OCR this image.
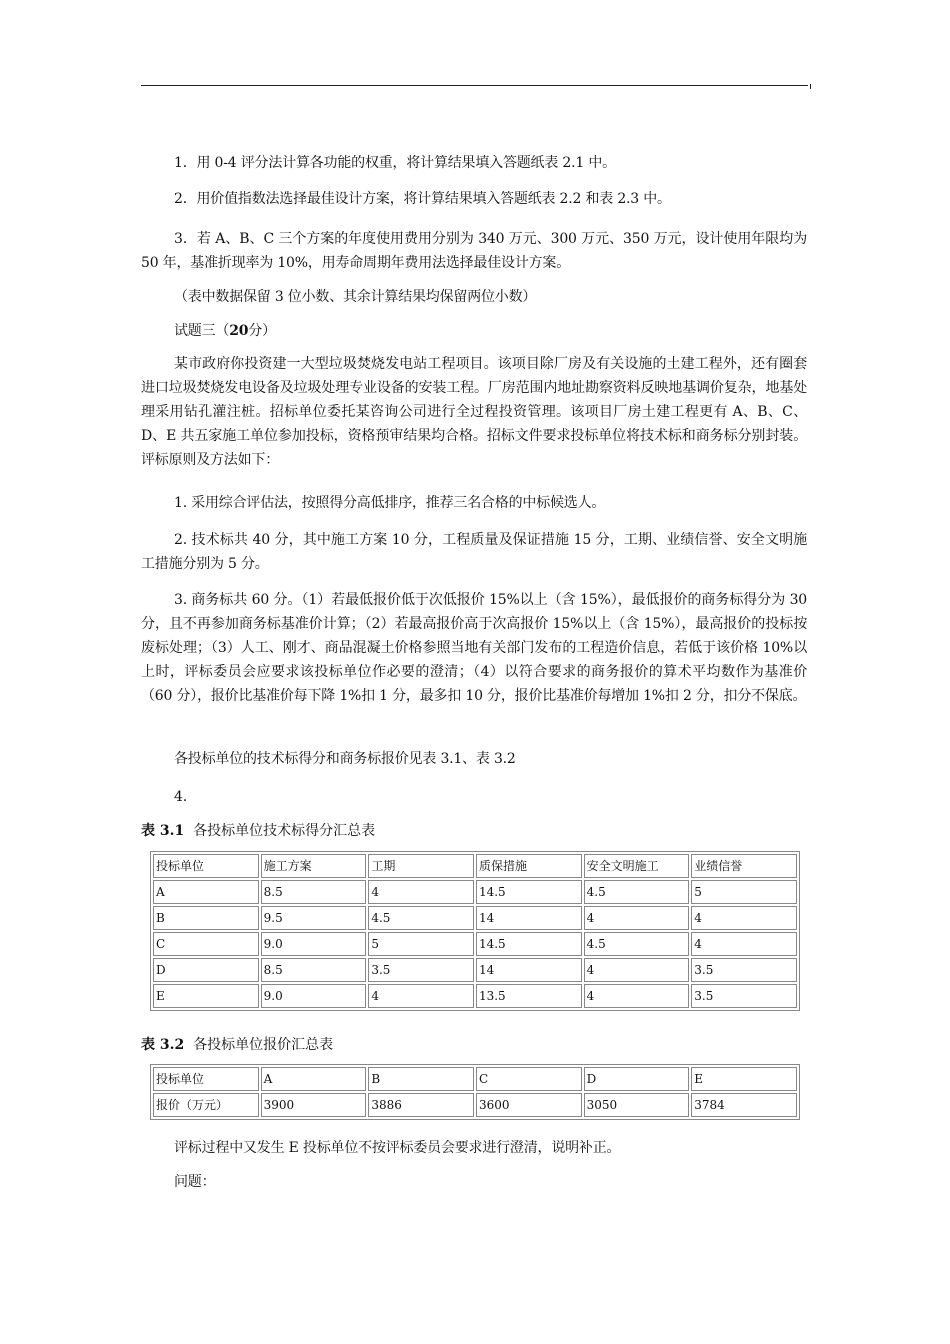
1．用 0-4 评分法计算各功能的权重，将计算结果填入答题纸表 2.1 中。
2．用价值指数法选择最佳设计方案，将计算结果填入答题纸表 2.2 和表 2.3 中。
3．若 A、B、C 三个方案的年度使用费用分别为 340 万元、300 万元、350 万元，设计使用年限均为 50 年，基准折现率为 10%，用寿命周期年费用法选择最佳设计方案。
（表中数据保留 3 位小数、其余计算结果均保留两位小数）
试题三（20分）
某市政府你投资建一大型垃圾焚烧发电站工程项目。该项目除厂房及有关设施的土建工程外，还有圈套进口垃圾焚烧发电设备及垃圾处理专业设备的安装工程。厂房范围内地址勘察资料反映地基调价复杂，地基处理采用钻孔灌注桩。招标单位委托某咨询公司进行全过程投资管理。该项目厂房土建工程更有 A、B、C、D、E 共五家施工单位参加投标，资格预审结果均合格。招标文件要求投标单位将技术标和商务标分别封装。评标原则及方法如下：
1. 采用综合评估法，按照得分高低排序，推荐三名合格的中标候选人。
2. 技术标共 40 分，其中施工方案 10 分，工程质量及保证措施 15 分，工期、业绩信誉、安全文明施工措施分别为 5 分。
3. 商务标共 60 分。（1）若最低报价低于次低报价 15%以上（含 15%），最低报价的商务标得分为 30 分，且不再参加商务标基准价计算；（2）若最高报价高于次高报价 15%以上（含 15%），最高报价的投标按废标处理；（3）人工、刚才、商品混凝土价格参照当地有关部门发布的工程造价信息，若低于该价格 10%以上时，评标委员会应要求该投标单位作必要的澄清；（4）以符合要求的商务报价的算术平均数作为基准价（60 分），报价比基准价每下降 1%扣 1 分，最多扣 10 分，报价比基准价每增加 1%扣 2 分，扣分不保底。
各投标单位的技术标得分和商务标报价见表 3.1、表 3.2
4.
表 3.1 各投标单位技术标得分汇总表
投标单位	施工方案	工期	质保措施	安全文明施工	业绩信誉
A	8.5	4	14.5	4.5	5
B	9.5	4.5	14	4	4
C	9.0	5	14.5	4.5	4
D	8.5	3.5	14	4	3.5
E	9.0	4	13.5	4	3.5
表 3.2 各投标单位报价汇总表
投标单位	A	B	C	D	E
报价（万元）	3900	3886	3600	3050	3784
评标过程中又发生 E 投标单位不按评标委员会要求进行澄清，说明补正。
问题：
